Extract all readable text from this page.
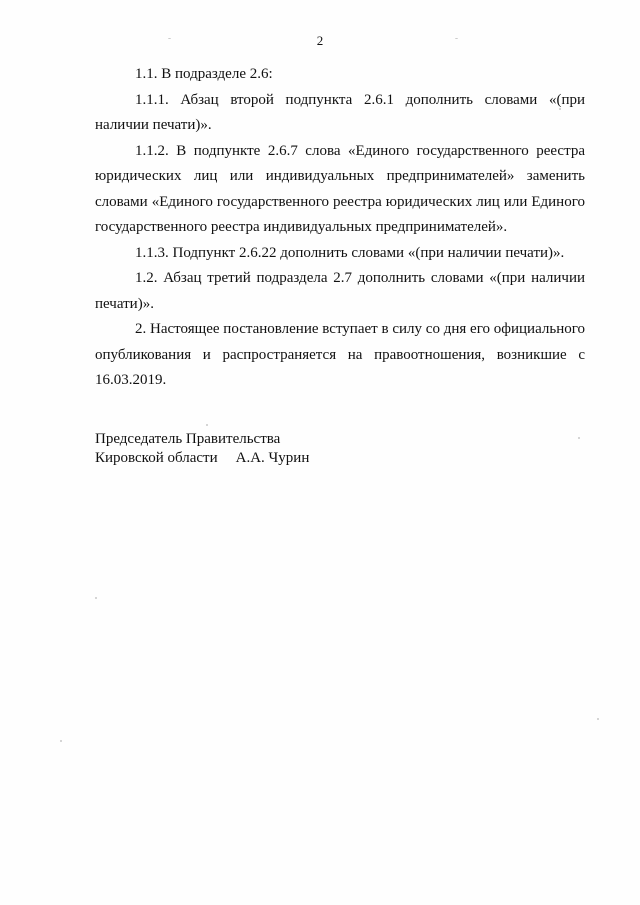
2

1.1. В подразделе 2.6:

1.1.1. Абзац второй подпункта 2.6.1 дополнить словами «(при наличии печати)».

1.1.2. В подпункте 2.6.7 слова «Единого государственного реестра юридических лиц или индивидуальных предпринимателей» заменить словами «Единого государственного реестра юридических лиц или Единого государственного реестра индивидуальных предпринимателей».

1.1.3. Подпункт 2.6.22 дополнить словами «(при наличии печати)».

1.2. Абзац третий подраздела 2.7 дополнить словами «(при наличии печати)».

2. Настоящее постановление вступает в силу со дня его официального опубликования и распространяется на правоотношения, возникшие с 16.03.2019.

Председатель Правительства
Кировской области А.А. Чурин
